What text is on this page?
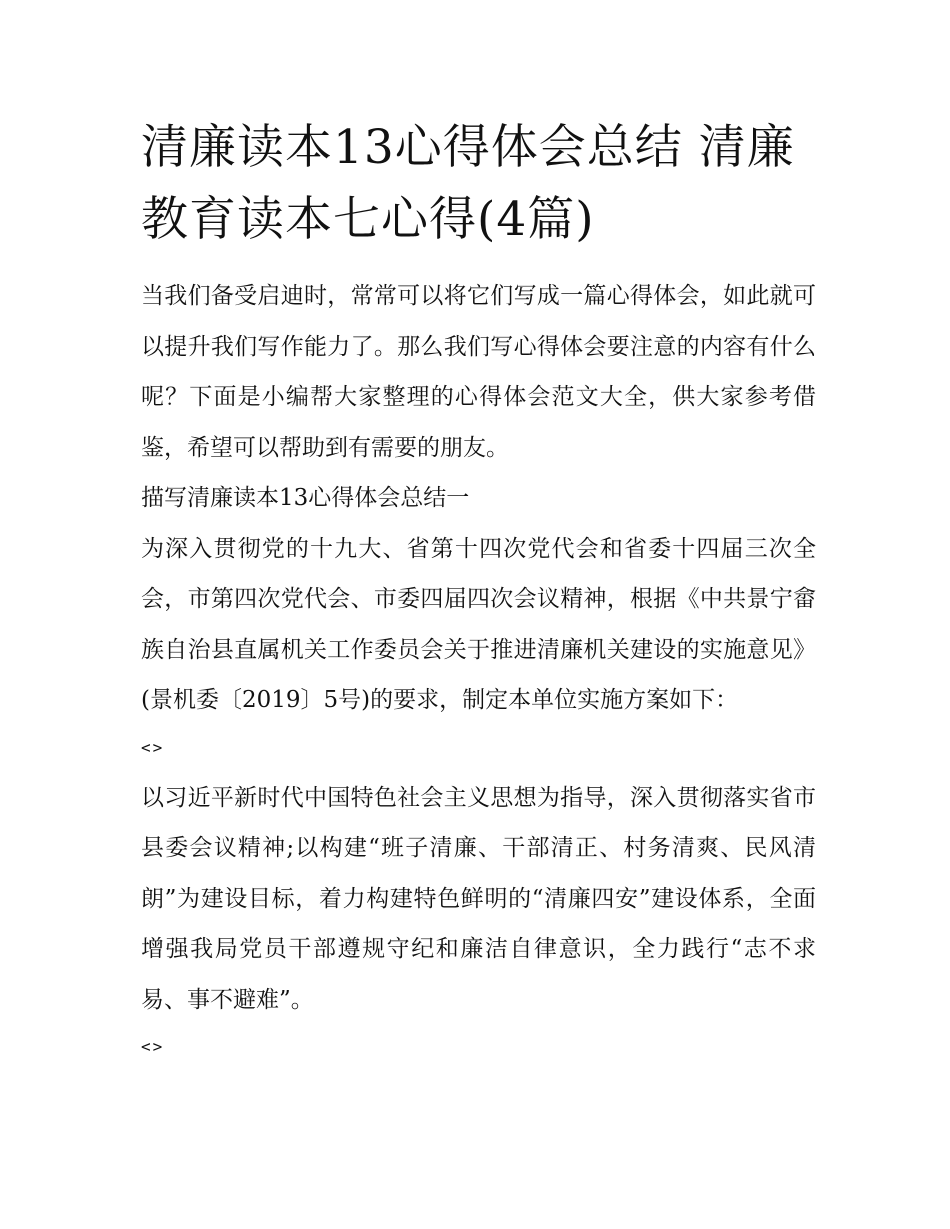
清廉读本13心得体会总结 清廉教育读本七心得(4篇)

当我们备受启迪时，常常可以将它们写成一篇心得体会，如此就可以提升我们写作能力了。那么我们写心得体会要注意的内容有什么呢？下面是小编帮大家整理的心得体会范文大全，供大家参考借鉴，希望可以帮助到有需要的朋友。

描写清廉读本13心得体会总结一

为深入贯彻党的十九大、省第十四次党代会和省委十四届三次全会，市第四次党代会、市委四届四次会议精神，根据《中共景宁畲族自治县直属机关工作委员会关于推进清廉机关建设的实施意见》(景机委〔2019〕5号)的要求，制定本单位实施方案如下：

<>

以习近平新时代中国特色社会主义思想为指导，深入贯彻落实省市县委会议精神;以构建“班子清廉、干部清正、村务清爽、民风清朗”为建设目标，着力构建特色鲜明的“清廉四安”建设体系，全面增强我局党员干部遵规守纪和廉洁自律意识，全力践行“志不求易、事不避难”。

<>
